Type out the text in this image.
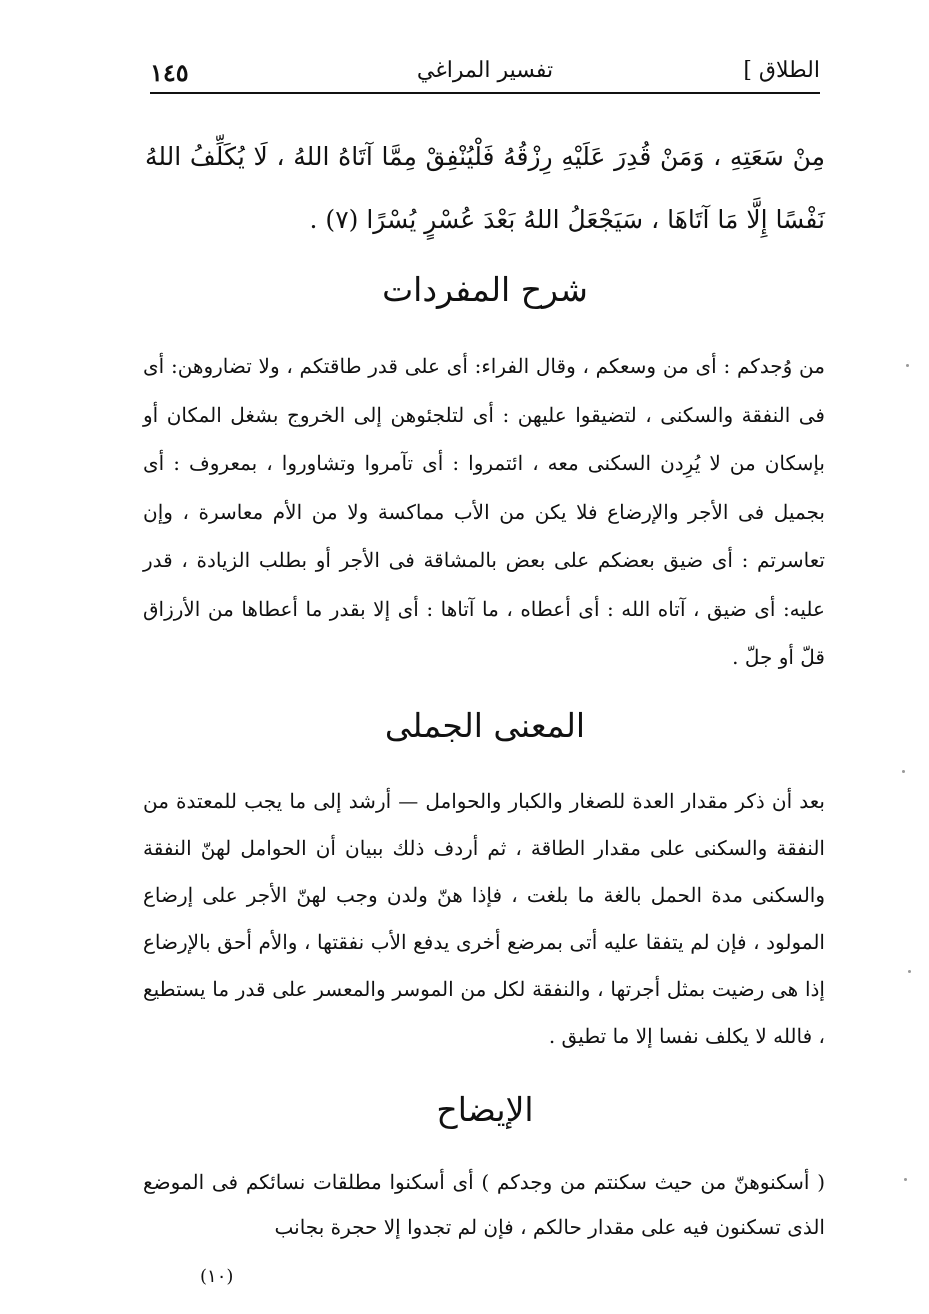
الطلاق ]
تفسير المراغي
١٤٥
مِنْ سَعَتِهِ ، وَمَنْ قُدِرَ عَلَيْهِ رِزْقُهُ فَلْيُنْفِقْ مِمَّا آتَاهُ اللهُ ، لَا يُكَلِّفُ اللهُ نَفْسًا إِلَّا مَا آتَاهَا ، سَيَجْعَلُ اللهُ بَعْدَ عُسْرٍ يُسْرًا (٧) .
شرح المفردات
من وُجدكم : أى من وسعكم ، وقال الفراء: أى على قدر طاقتكم ، ولا تضاروهن: أى فى النفقة والسكنى ، لتضيقوا عليهن : أى لتلجئوهن إلى الخروج بشغل المكان أو بإسكان من لا يُرِدن السكنى معه ، ائتمروا : أى تآمروا وتشاوروا ، بمعروف : أى بجميل فى الأجر والإرضاع فلا يكن من الأب مماكسة ولا من الأم معاسرة ، وإن تعاسرتم : أى ضيق بعضكم على بعض بالمشاقة فى الأجر أو بطلب الزيادة ، قدر عليه: أى ضيق ، آتاه الله : أى أعطاه ، ما آتاها : أى إلا بقدر ما أعطاها من الأرزاق قلّ أو جلّ .
المعنى الجملى
بعد أن ذكر مقدار العدة للصغار والكبار والحوامل — أرشد إلى ما يجب للمعتدة من النفقة والسكنى على مقدار الطاقة ، ثم أردف ذلك ببيان أن الحوامل لهنّ النفقة والسكنى مدة الحمل بالغة ما بلغت ، فإذا هنّ ولدن وجب لهنّ الأجر على إرضاع المولود ، فإن لم يتفقا عليه أتى بمرضع أخرى يدفع الأب نفقتها ، والأم أحق بالإرضاع إذا هى رضيت بمثل أجرتها ، والنفقة لكل من الموسر والمعسر على قدر ما يستطيع ، فالله لا يكلف نفسا إلا ما تطيق .
الإيضاح
( أسكنوهنّ من حيث سكنتم من وجدكم ) أى أسكنوا مطلقات نسائكم فى الموضع الذى تسكنون فيه على مقدار حالكم ، فإن لم تجدوا إلا حجرة بجانب
(١٠)
